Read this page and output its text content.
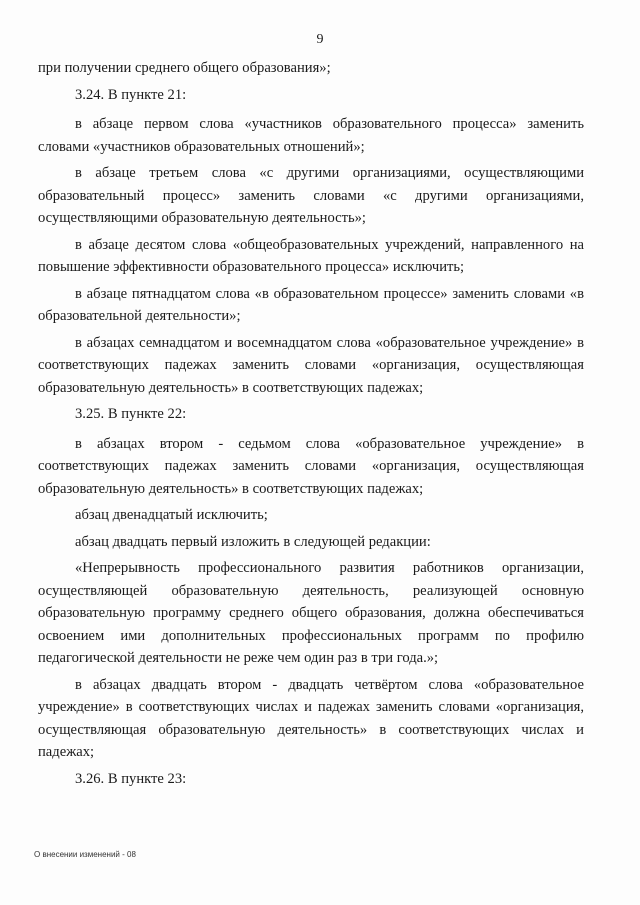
9

при получении среднего общего образования»;

3.24. В пункте 21:

в абзаце первом слова «участников образовательного процесса» заменить словами «участников образовательных отношений»;

в абзаце третьем слова «с другими организациями, осуществляющими образовательный процесс» заменить словами «с другими организациями, осуществляющими образовательную деятельность»;

в абзаце десятом слова «общеобразовательных учреждений, направленного на повышение эффективности образовательного процесса» исключить;

в абзаце пятнадцатом слова «в образовательном процессе» заменить словами «в образовательной деятельности»;

в абзацах семнадцатом и восемнадцатом слова «образовательное учреждение» в соответствующих падежах заменить словами «организация, осуществляющая образовательную деятельность» в соответствующих падежах;

3.25. В пункте 22:

в абзацах втором - седьмом слова «образовательное учреждение» в соответствующих падежах заменить словами «организация, осуществляющая образовательную деятельность» в соответствующих падежах;

абзац двенадцатый исключить;

абзац двадцать первый изложить в следующей редакции:

«Непрерывность профессионального развития работников организации, осуществляющей образовательную деятельность, реализующей основную образовательную программу среднего общего образования, должна обеспечиваться освоением ими дополнительных профессиональных программ по профилю педагогической деятельности не реже чем один раз в три года.»;

в абзацах двадцать втором - двадцать четвёртом слова «образовательное учреждение» в соответствующих числах и падежах заменить словами «организация, осуществляющая образовательную деятельность» в соответствующих числах и падежах;

3.26. В пункте 23:

О внесении изменений - 08
